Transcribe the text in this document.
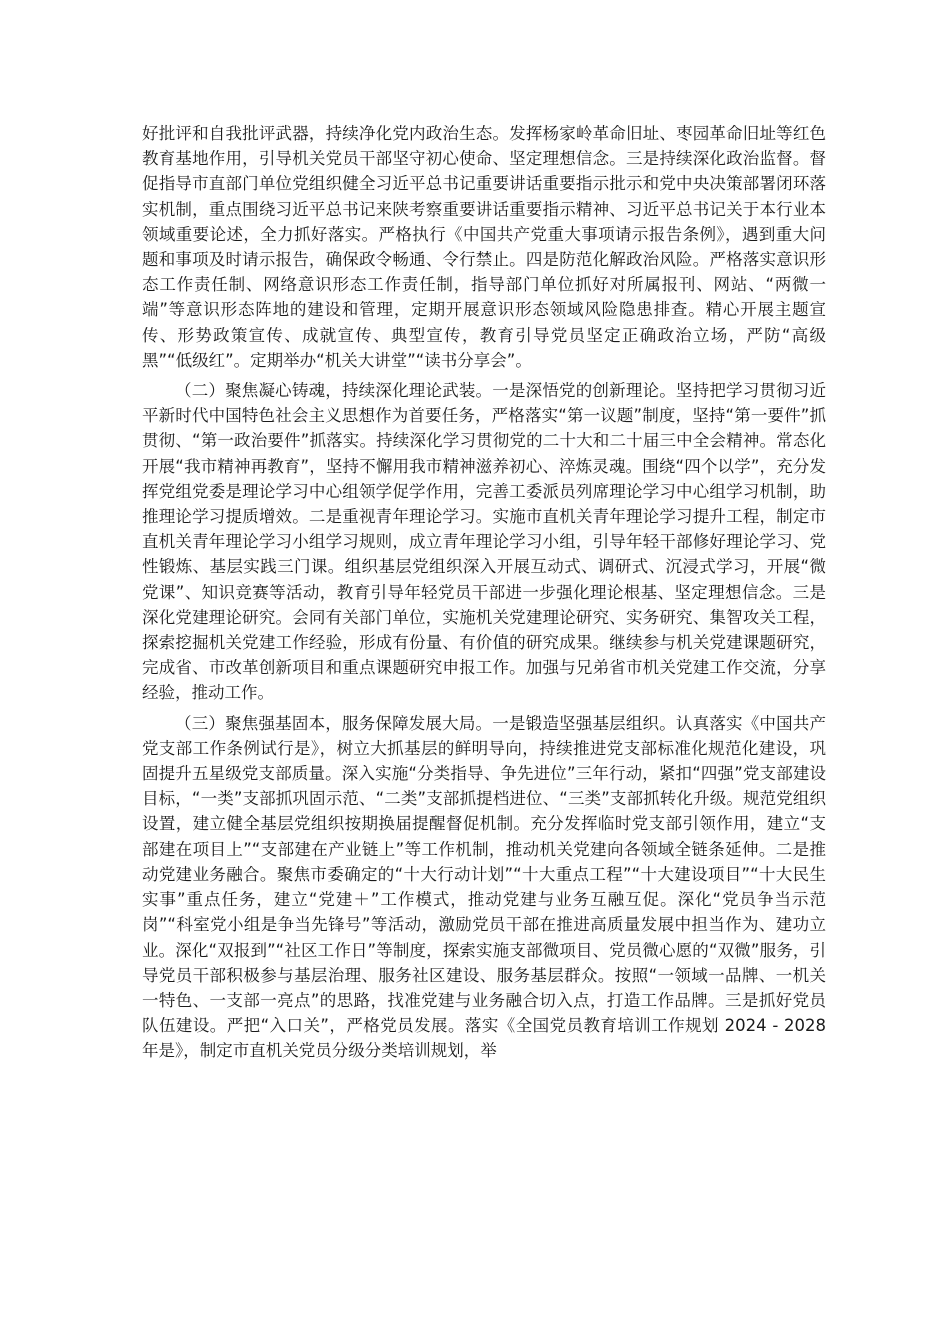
好批评和自我批评武器，持续净化党内政治生态。发挥杨家岭革命旧址、枣园革命旧址等红色教育基地作用，引导机关党员干部坚守初心使命、坚定理想信念。三是持续深化政治监督。督促指导市直部门单位党组织健全习近平总书记重要讲话重要指示批示和党中央决策部署闭环落实机制，重点围绕习近平总书记来陕考察重要讲话重要指示精神、习近平总书记关于本行业本领域重要论述，全力抓好落实。严格执行《中国共产党重大事项请示报告条例》，遇到重大问题和事项及时请示报告，确保政令畅通、令行禁止。四是防范化解政治风险。严格落实意识形态工作责任制、网络意识形态工作责任制，指导部门单位抓好对所属报刊、网站、“两微一端”等意识形态阵地的建设和管理，定期开展意识形态领域风险隐患排查。精心开展主题宣传、形势政策宣传、成就宣传、典型宣传，教育引导党员坚定正确政治立场，严防“高级黑”“低级红”。定期举办“机关大讲堂”“读书分享会”。

（二）聚焦凝心铸魂，持续深化理论武装。一是深悟党的创新理论。坚持把学习贯彻习近平新时代中国特色社会主义思想作为首要任务，严格落实“第一议题”制度，坚持“第一要件”抓贯彻、“第一政治要件”抓落实。持续深化学习贯彻党的二十大和二十届三中全会精神。常态化开展“我市精神再教育”，坚持不懈用我市精神滋养初心、淬炼灵魂。围绕“四个以学”，充分发挥党组党委是理论学习中心组领学促学作用，完善工委派员列席理论学习中心组学习机制，助推理论学习提质增效。二是重视青年理论学习。实施市直机关青年理论学习提升工程，制定市直机关青年理论学习小组学习规则，成立青年理论学习小组，引导年轻干部修好理论学习、党性锻炼、基层实践三门课。组织基层党组织深入开展互动式、调研式、沉浸式学习，开展“微党课”、知识竞赛等活动，教育引导年轻党员干部进一步强化理论根基、坚定理想信念。三是深化党建理论研究。会同有关部门单位，实施机关党建理论研究、实务研究、集智攻关工程，探索挖掘机关党建工作经验，形成有份量、有价值的研究成果。继续参与机关党建课题研究，完成省、市改革创新项目和重点课题研究申报工作。加强与兄弟省市机关党建工作交流，分享经验，推动工作。

（三）聚焦强基固本，服务保障发展大局。一是锻造坚强基层组织。认真落实《中国共产党支部工作条例试行是》，树立大抓基层的鲜明导向，持续推进党支部标准化规范化建设，巩固提升五星级党支部质量。深入实施“分类指导、争先进位”三年行动，紧扣“四强”党支部建设目标，“一类”支部抓巩固示范、“二类”支部抓提档进位、“三类”支部抓转化升级。规范党组织设置，建立健全基层党组织按期换届提醒督促机制。充分发挥临时党支部引领作用，建立“支部建在项目上”“支部建在产业链上”等工作机制，推动机关党建向各领域全链条延伸。二是推动党建业务融合。聚焦市委确定的“十大行动计划”“十大重点工程”“十大建设项目”“十大民生实事”重点任务，建立“党建＋”工作模式，推动党建与业务互融互促。深化“党员争当示范岗”“科室党小组是争当先锋号”等活动，激励党员干部在推进高质量发展中担当作为、建功立业。深化“双报到”“社区工作日”等制度，探索实施支部微项目、党员微心愿的“双微”服务，引导党员干部积极参与基层治理、服务社区建设、服务基层群众。按照“一领域一品牌、一机关一特色、一支部一亮点”的思路，找准党建与业务融合切入点，打造工作品牌。三是抓好党员队伍建设。严把“入口关”，严格党员发展。落实《全国党员教育培训工作规划 2024 - 2028 年是》，制定市直机关党员分级分类培训规划，举
